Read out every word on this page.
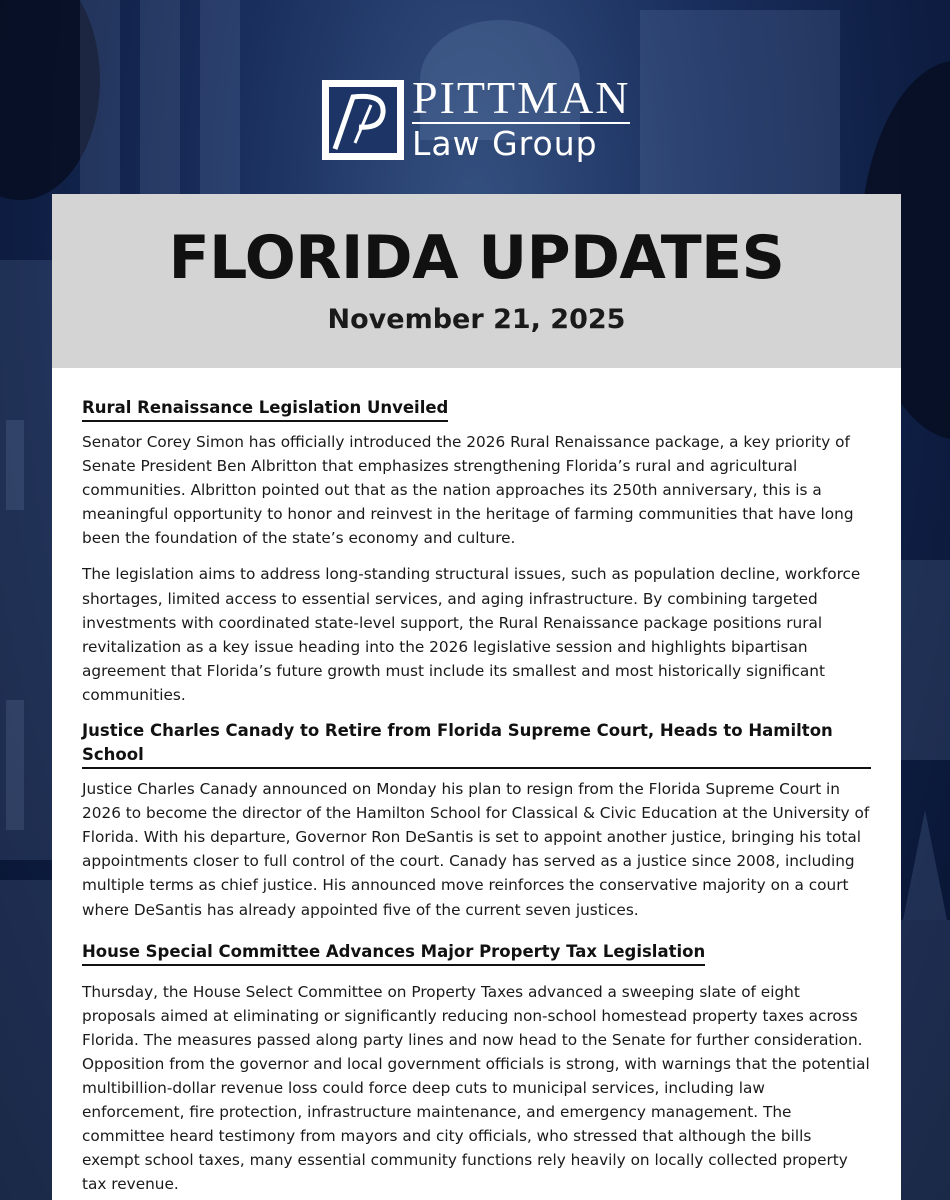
PITTMAN
Law Group
FLORIDA UPDATES
November 21, 2025
Rural Renaissance Legislation Unveiled

Senator Corey Simon has officially introduced the 2026 Rural Renaissance package, a key priority of Senate President Ben Albritton that emphasizes strengthening Florida’s rural and agricultural communities. Albritton pointed out that as the nation approaches its 250th anniversary, this is a meaningful opportunity to honor and reinvest in the heritage of farming communities that have long been the foundation of the state’s economy and culture.

The legislation aims to address long-standing structural issues, such as population decline, workforce shortages, limited access to essential services, and aging infrastructure. By combining targeted investments with coordinated state-level support, the Rural Renaissance package positions rural revitalization as a key issue heading into the 2026 legislative session and highlights bipartisan agreement that Florida’s future growth must include its smallest and most historically significant communities.

Justice Charles Canady to Retire from Florida Supreme Court, Heads to Hamilton School

Justice Charles Canady announced on Monday his plan to resign from the Florida Supreme Court in 2026 to become the director of the Hamilton School for Classical & Civic Education at the University of Florida. With his departure, Governor Ron DeSantis is set to appoint another justice, bringing his total appointments closer to full control of the court. Canady has served as a justice since 2008, including multiple terms as chief justice. His announced move reinforces the conservative majority on a court where DeSantis has already appointed five of the current seven justices.

House Special Committee Advances Major Property Tax Legislation

Thursday, the House Select Committee on Property Taxes advanced a sweeping slate of eight proposals aimed at eliminating or significantly reducing non-school homestead property taxes across Florida. The measures passed along party lines and now head to the Senate for further consideration. Opposition from the governor and local government officials is strong, with warnings that the potential multibillion-dollar revenue loss could force deep cuts to municipal services, including law enforcement, fire protection, infrastructure maintenance, and emergency management. The committee heard testimony from mayors and city officials, who stressed that although the bills exempt school taxes, many essential community functions rely heavily on locally collected property tax revenue.
